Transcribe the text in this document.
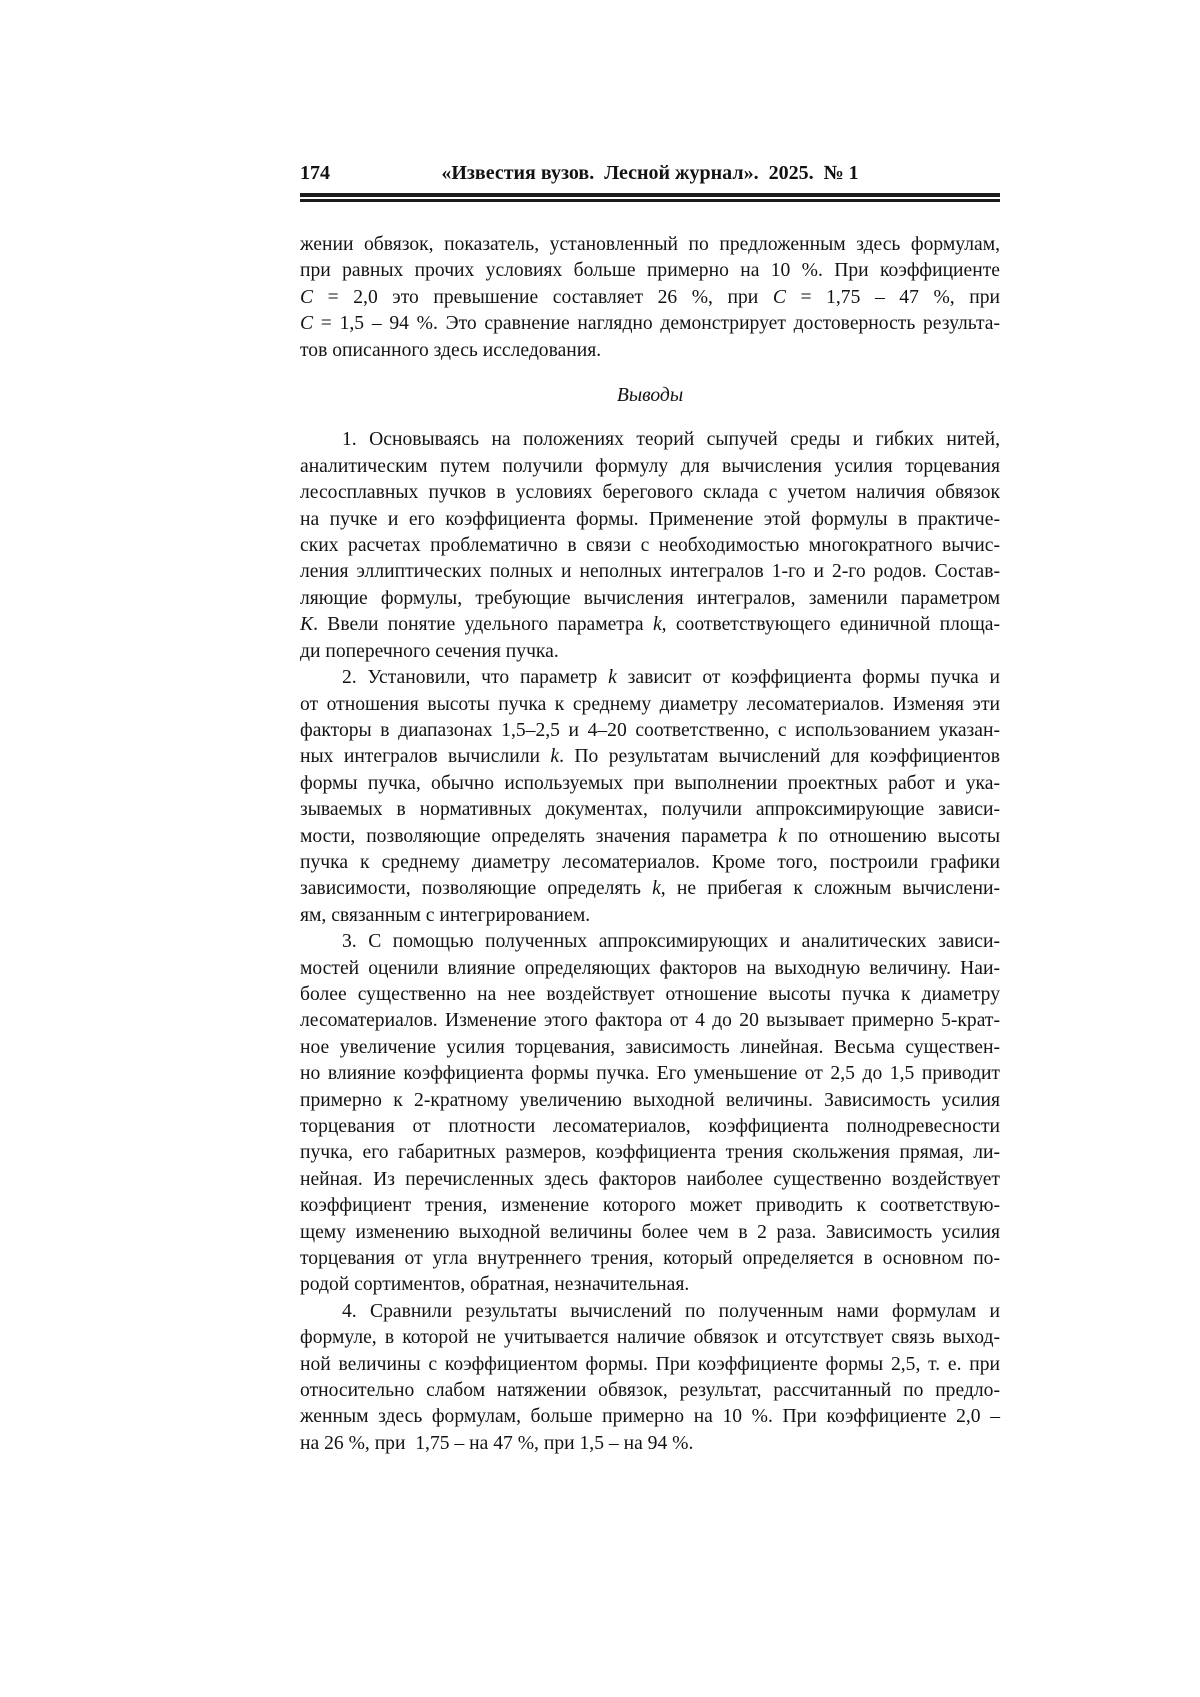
174	«Известия вузов. Лесной журнал». 2025. № 1
жении обвязок, показатель, установленный по предложенным здесь формулам,
при равных прочих условиях больше примерно на 10 %. При коэффициенте
C = 2,0 это превышение составляет 26 %, при C = 1,75 – 47 %, при
C = 1,5 – 94 %. Это сравнение наглядно демонстрирует достоверность результа-
тов описанного здесь исследования.
Выводы
1. Основываясь на положениях теорий сыпучей среды и гибких нитей,
аналитическим путем получили формулу для вычисления усилия торцевания
лесосплавных пучков в условиях берегового склада с учетом наличия обвязок
на пучке и его коэффициента формы. Применение этой формулы в практиче-
ских расчетах проблематично в связи с необходимостью многократного вычис-
ления эллиптических полных и неполных интегралов 1-го и 2-го родов. Состав-
ляющие формулы, требующие вычисления интегралов, заменили параметром
K. Ввели понятие удельного параметра k, соответствующего единичной площа-
ди поперечного сечения пучка.
2. Установили, что параметр k зависит от коэффициента формы пучка и
от отношения высоты пучка к среднему диаметру лесоматериалов. Изменяя эти
факторы в диапазонах 1,5–2,5 и 4–20 соответственно, с использованием указан-
ных интегралов вычислили k. По результатам вычислений для коэффициентов
формы пучка, обычно используемых при выполнении проектных работ и ука-
зываемых в нормативных документах, получили аппроксимирующие зависи-
мости, позволяющие определять значения параметра k по отношению высоты
пучка к среднему диаметру лесоматериалов. Кроме того, построили графики
зависимости, позволяющие определять k, не прибегая к сложным вычислени-
ям, связанным с интегрированием.
3. С помощью полученных аппроксимирующих и аналитических зависи-
мостей оценили влияние определяющих факторов на выходную величину. Наи-
более существенно на нее воздействует отношение высоты пучка к диаметру
лесоматериалов. Изменение этого фактора от 4 до 20 вызывает примерно 5-крат-
ное увеличение усилия торцевания, зависимость линейная. Весьма существен-
но влияние коэффициента формы пучка. Его уменьшение от 2,5 до 1,5 приводит
примерно к 2-кратному увеличению выходной величины. Зависимость усилия
торцевания от плотности лесоматериалов, коэффициента полнодревесности
пучка, его габаритных размеров, коэффициента трения скольжения прямая, ли-
нейная. Из перечисленных здесь факторов наиболее существенно воздействует
коэффициент трения, изменение которого может приводить к соответствую-
щему изменению выходной величины более чем в 2 раза. Зависимость усилия
торцевания от угла внутреннего трения, который определяется в основном по-
родой сортиментов, обратная, незначительная.
4. Сравнили результаты вычислений по полученным нами формулам и
формуле, в которой не учитывается наличие обвязок и отсутствует связь выход-
ной величины с коэффициентом формы. При коэффициенте формы 2,5, т. е. при
относительно слабом натяжении обвязок, результат, рассчитанный по предло-
женным здесь формулам, больше примерно на 10 %. При коэффициенте 2,0 –
на 26 %, при  1,75 – на 47 %, при 1,5 – на 94 %.
